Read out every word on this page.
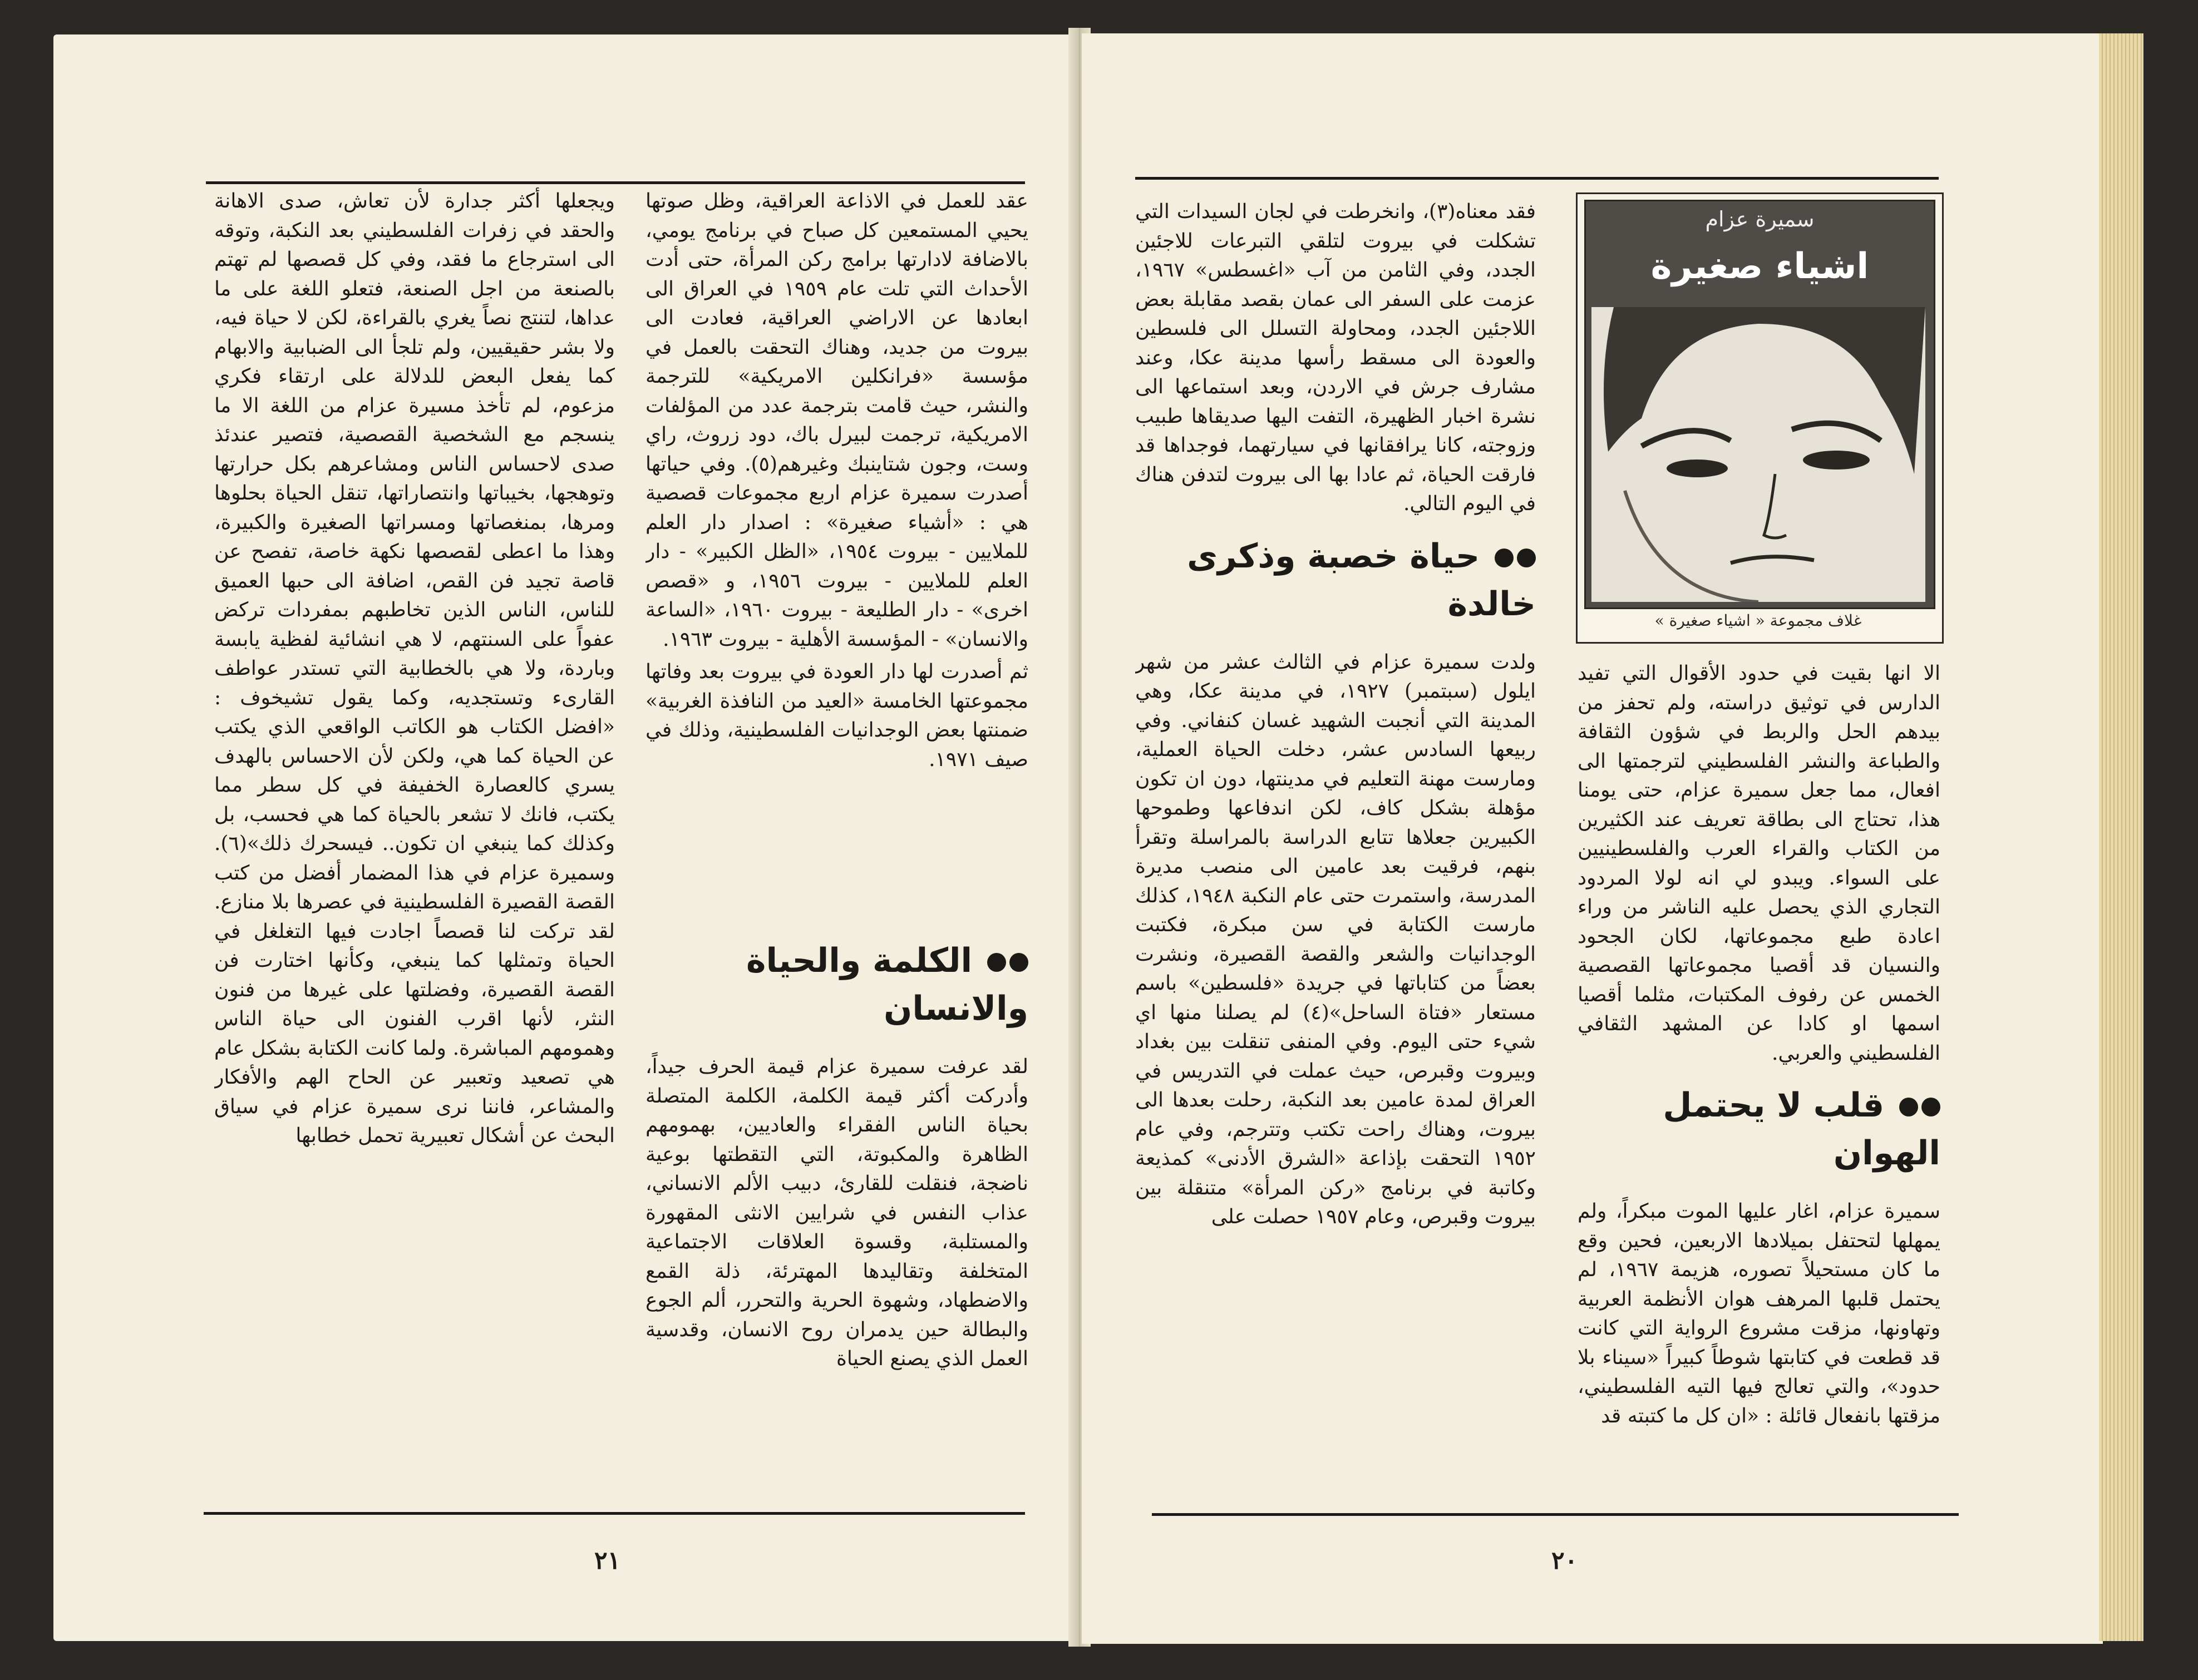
عقد للعمل في الاذاعة العراقية، وظل صوتها يحيي المستمعين كل صباح في برنامج يومي، بالاضافة لادارتها برامج ركن المرأة، حتى أدت الأحداث التي تلت عام ١٩٥٩ في العراق الى ابعادها عن الاراضي العراقية، فعادت الى بيروت من جديد، وهناك التحقت بالعمل في مؤسسة «فرانكلين الامريكية» للترجمة والنشر، حيث قامت بترجمة عدد من المؤلفات الامريكية، ترجمت لبيرل باك، دود زروث، راي وست، وجون شتاينبك وغيرهم(٥). وفي حياتها أصدرت سميرة عزام اربع مجموعات قصصية هي : «أشياء صغيرة» : اصدار دار العلم للملايين - بيروت ١٩٥٤، «الظل الكبير» - دار العلم للملايين - بيروت ١٩٥٦، و «قصص اخرى» - دار الطليعة - بيروت ١٩٦٠، «الساعة والانسان» - المؤسسة الأهلية - بيروت ١٩٦٣.

ثم أصدرت لها دار العودة في بيروت بعد وفاتها مجموعتها الخامسة «العيد من النافذة الغربية» ضمنتها بعض الوجدانيات الفلسطينية، وذلك في صيف ١٩٧١.

الكلمة والحياة والانسان

لقد عرفت سميرة عزام قيمة الحرف جيداً، وأدركت أكثر قيمة الكلمة، الكلمة المتصلة بحياة الناس الفقراء والعاديين، بهمومهم الظاهرة والمكبوتة، التي التقطتها بوعية ناضجة، فنقلت للقارئ، دبيب الألم الانساني، عذاب النفس في شرايين الانثى المقهورة والمستلبة، وقسوة العلاقات الاجتماعية المتخلفة وتقاليدها المهترئة، ذلة القمع والاضطهاد، وشهوة الحرية والتحرر، ألم الجوع والبطالة حين يدمران روح الانسان، وقدسية العمل الذي يصنع الحياة

ويجعلها أكثر جدارة لأن تعاش، صدى الاهانة والحقد في زفرات الفلسطيني بعد النكبة، وتوقه الى استرجاع ما فقد، وفي كل قصصها لم تهتم بالصنعة من اجل الصنعة، فتعلو اللغة على ما عداها، لتنتج نصاً يغري بالقراءة، لكن لا حياة فيه، ولا بشر حقيقيين، ولم تلجأ الى الضبابية والابهام كما يفعل البعض للدلالة على ارتقاء فكري مزعوم، لم تأخذ مسيرة عزام من اللغة الا ما ينسجم مع الشخصية القصصية، فتصير عندئذ صدى لاحساس الناس ومشاعرهم بكل حرارتها وتوهجها، بخيباتها وانتصاراتها، تنقل الحياة بحلوها ومرها، بمنغصاتها ومسراتها الصغيرة والكبيرة، وهذا ما اعطى لقصصها نكهة خاصة، تفصح عن قاصة تجيد فن القص، اضافة الى حبها العميق للناس، الناس الذين تخاطبهم بمفردات تركض عفواً على السنتهم، لا هي انشائية لفظية يابسة وباردة، ولا هي بالخطابية التي تستدر عواطف القارىء وتستجديه، وكما يقول تشيخوف : «افضل الكتاب هو الكاتب الواقعي الذي يكتب عن الحياة كما هي، ولكن لأن الاحساس بالهدف يسري كالعصارة الخفيفة في كل سطر مما يكتب، فانك لا تشعر بالحياة كما هي فحسب، بل وكذلك كما ينبغي ان تكون.. فيسحرك ذلك»(٦). وسميرة عزام في هذا المضمار أفضل من كتب القصة القصيرة الفلسطينية في عصرها بلا منازع. لقد تركت لنا قصصاً اجادت فيها التغلغل في الحياة وتمثلها كما ينبغي، وكأنها اختارت فن القصة القصيرة، وفضلتها على غيرها من فنون النثر، لأنها اقرب الفنون الى حياة الناس وهمومهم المباشرة. ولما كانت الكتابة بشكل عام هي تصعيد وتعبير عن الحاح الهم والأفكار والمشاعر، فاننا نرى سميرة عزام في سياق البحث عن أشكال تعبيرية تحمل خطابها

٢١
سميرة عزام
اشياء صغيرة
غلاف مجموعة « اشياء صغيرة »

فقد معناه(٣)، وانخرطت في لجان السيدات التي تشكلت في بيروت لتلقي التبرعات للاجئين الجدد، وفي الثامن من آب «اغسطس» ١٩٦٧، عزمت على السفر الى عمان بقصد مقابلة بعض اللاجئين الجدد، ومحاولة التسلل الى فلسطين والعودة الى مسقط رأسها مدينة عكا، وعند مشارف جرش في الاردن، وبعد استماعها الى نشرة اخبار الظهيرة، التفت اليها صديقاها طبيب وزوجته، كانا يرافقانها في سيارتهما، فوجداها قد فارقت الحياة، ثم عادا بها الى بيروت لتدفن هناك في اليوم التالي.

حياة خصبة وذكرى خالدة

ولدت سميرة عزام في الثالث عشر من شهر ايلول (سبتمبر) ١٩٢٧، في مدينة عكا، وهي المدينة التي أنجبت الشهيد غسان كنفاني. وفي ربيعها السادس عشر، دخلت الحياة العملية، ومارست مهنة التعليم في مدينتها، دون ان تكون مؤهلة بشكل كاف، لكن اندفاعها وطموحها الكبيرين جعلاها تتابع الدراسة بالمراسلة وتقرأ بنهم، فرقيت بعد عامين الى منصب مديرة المدرسة، واستمرت حتى عام النكبة ١٩٤٨، كذلك مارست الكتابة في سن مبكرة، فكتبت الوجدانيات والشعر والقصة القصيرة، ونشرت بعضاً من كتاباتها في جريدة «فلسطين» باسم مستعار «فتاة الساحل»(٤) لم يصلنا منها اي شيء حتى اليوم. وفي المنفى تنقلت بين بغداد وبيروت وقبرص، حيث عملت في التدريس في العراق لمدة عامين بعد النكبة، رحلت بعدها الى بيروت، وهناك راحت تكتب وتترجم، وفي عام ١٩٥٢ التحقت بإذاعة «الشرق الأدنى» كمذيعة وكاتبة في برنامج «ركن المرأة» متنقلة بين بيروت وقبرص، وعام ١٩٥٧ حصلت على

الا انها بقيت في حدود الأقوال التي تفيد الدارس في توثيق دراسته، ولم تحفز من بيدهم الحل والربط في شؤون الثقافة والطباعة والنشر الفلسطيني لترجمتها الى افعال، مما جعل سميرة عزام، حتى يومنا هذا، تحتاج الى بطاقة تعريف عند الكثيرين من الكتاب والقراء العرب والفلسطينيين على السواء. ويبدو لي انه لولا المردود التجاري الذي يحصل عليه الناشر من وراء اعادة طبع مجموعاتها، لكان الجحود والنسيان قد أقصيا مجموعاتها القصصية الخمس عن رفوف المكتبات، مثلما أقصيا اسمها او كادا عن المشهد الثقافي الفلسطيني والعربي.

قلب لا يحتمل الهوان

سميرة عزام، اغار عليها الموت مبكراً، ولم يمهلها لتحتفل بميلادها الاربعين، فحين وقع ما كان مستحيلاً تصوره، هزيمة ١٩٦٧، لم يحتمل قلبها المرهف هوان الأنظمة العربية وتهاونها، مزقت مشروع الرواية التي كانت قد قطعت في كتابتها شوطاً كبيراً «سيناء بلا حدود»، والتي تعالج فيها التيه الفلسطيني، مزقتها بانفعال قائلة : «ان كل ما كتبته قد

٢٠
